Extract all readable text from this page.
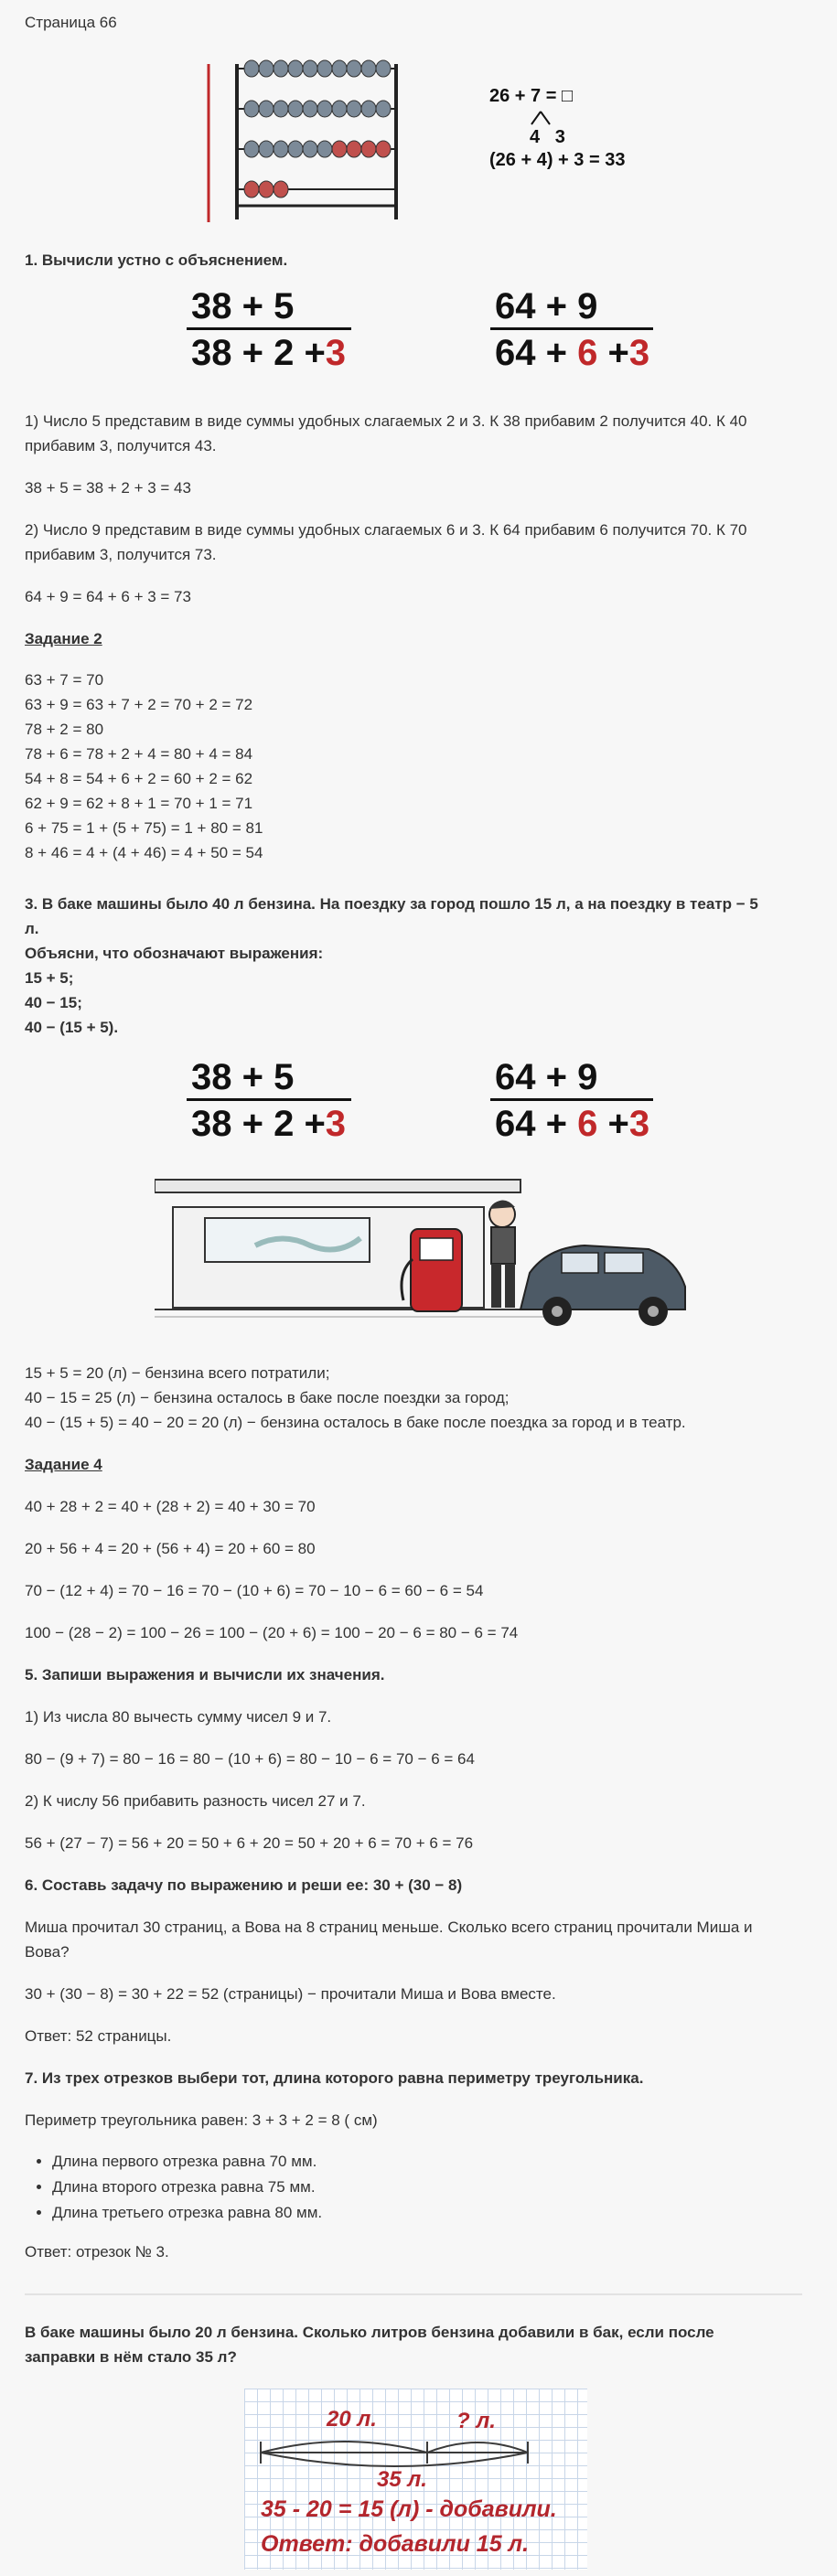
Страница 66

26 + 7 = □
4   3
(26 + 4) + 3 = 33

1. Вычисли устно с объяснением.

38 + 5
38 + 2 +3
64 + 9
64 + 6 +3

1) Число 5 представим в виде суммы удобных слагаемых 2 и 3. К 38 прибавим 2 получится 40. К 40

прибавим 3, получится 43.

38 + 5 = 38 + 2 + 3 = 43

2) Число 9 представим в виде суммы удобных слагаемых 6 и 3. К 64 прибавим 6 получится 70. К 70

прибавим 3, получится 73.

64 + 9 = 64 + 6 + 3 = 73

Задание 2

63 + 7 = 70

63 + 9 = 63 + 7 + 2 = 70 + 2 = 72

78 + 2 = 80

78 + 6 = 78 + 2 + 4 = 80 + 4 = 84

54 + 8 = 54 + 6 + 2 = 60 + 2 = 62

62 + 9 = 62 + 8 + 1 = 70 + 1 = 71

6 + 75 = 1 + (5 + 75) = 1 + 80 = 81

8 + 46 = 4 + (4 + 46) = 4 + 50 = 54

3. В баке машины было 40 л бензина. На поездку за город пошло 15 л, а на поездку в театр − 5

л.

Объясни, что обозначают выражения:

15 + 5;

40 − 15;

40 − (15 + 5).

38 + 5
38 + 2 +3
64 + 9
64 + 6 +3

15 + 5 = 20 (л) − бензина всего потратили;

40 − 15 = 25 (л) − бензина осталось в баке после поездки за город;

40 − (15 + 5) = 40 − 20 = 20 (л) − бензина осталось в баке после поездка за город и в театр.

Задание 4

40 + 28 + 2 = 40 + (28 + 2) = 40 + 30 = 70

20 + 56 + 4 = 20 + (56 + 4) = 20 + 60 = 80

70 − (12 + 4) = 70 − 16 = 70 − (10 + 6) = 70 − 10 − 6 = 60 − 6 = 54

100 − (28 − 2) = 100 − 26 = 100 − (20 + 6) = 100 − 20 − 6 = 80 − 6 = 74

5. Запиши выражения и вычисли их значения.

1) Из числа 80 вычесть сумму чисел 9 и 7.

80 − (9 + 7) = 80 − 16 = 80 − (10 + 6) = 80 − 10 − 6 = 70 − 6 = 64

2) К числу 56 прибавить разность чисел 27 и 7.

56 + (27 − 7) = 56 + 20 = 50 + 6 + 20 = 50 + 20 + 6 = 70 + 6 = 76

6. Составь задачу по выражению и реши ее: 30 + (30 − 8)

Миша прочитал 30 страниц, а Вова на 8 страниц меньше. Сколько всего страниц прочитали Миша и

Вова?

30 + (30 − 8) = 30 + 22 = 52 (страницы) − прочитали Миша и Вова вместе.

Ответ: 52 страницы.

7. Из трех отрезков выбери тот, длина которого равна периметру треугольника.

Периметр треугольника равен: 3 + 3 + 2 = 8 ( см)

• Длина первого отрезка равна 70 мм.
• Длина второго отрезка равна 75 мм.
• Длина третьего отрезка равна 80 мм.

Ответ: отрезок № 3.

В баке машины было 20 л бензина. Сколько литров бензина добавили в бак, если после

заправки в нём стало 35 л?

20 л.	? л.
35 л.
35 - 20 = 15 (л) - добавили.
Ответ: добавили 15 л.
